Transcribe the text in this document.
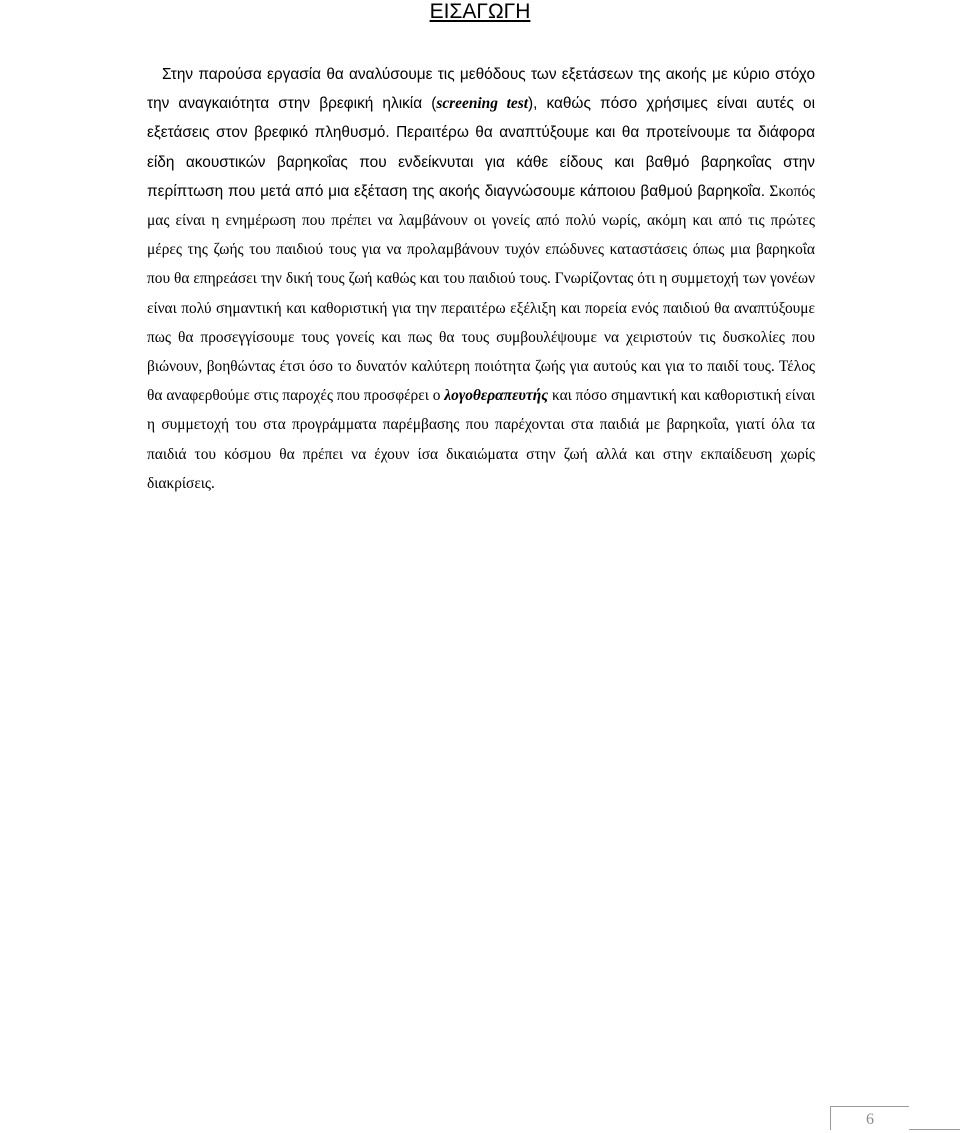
ΕΙΣΑΓΩΓΗ

Στην παρούσα εργασία θα αναλύσουμε τις μεθόδους των εξετάσεων της ακοής με κύριο στόχο την αναγκαιότητα στην βρεφική ηλικία (screening test), καθώς πόσο χρήσιμες είναι αυτές οι εξετάσεις στον βρεφικό πληθυσμό. Περαιτέρω θα αναπτύξουμε και θα προτείνουμε τα διάφορα είδη ακουστικών βαρηκοΐας που ενδείκνυται για κάθε είδους και βαθμό βαρηκοΐας στην περίπτωση που μετά από μια εξέταση της ακοής διαγνώσουμε κάποιου βαθμού βαρηκοΐα. Σκοπός μας είναι η ενημέρωση που πρέπει να λαμβάνουν οι γονείς από πολύ νωρίς, ακόμη και από τις πρώτες μέρες της ζωής του παιδιού τους για να προλαμβάνουν τυχόν επώδυνες καταστάσεις όπως μια βαρηκοΐα που θα επηρεάσει την δική τους ζωή καθώς και του παιδιού τους. Γνωρίζοντας ότι η συμμετοχή των γονέων είναι πολύ σημαντική και καθοριστική για την περαιτέρω εξέλιξη και πορεία ενός παιδιού θα αναπτύξουμε πως θα προσεγγίσουμε τους γονείς και πως θα τους συμβουλέψουμε να χειριστούν τις δυσκολίες που βιώνουν, βοηθώντας έτσι όσο το δυνατόν καλύτερη ποιότητα ζωής για αυτούς και για το παιδί τους. Τέλος θα αναφερθούμε στις παροχές που προσφέρει ο λογοθεραπευτής και πόσο σημαντική και καθοριστική είναι η συμμετοχή του στα προγράμματα παρέμβασης που παρέχονται στα παιδιά με βαρηκοΐα, γιατί όλα τα παιδιά του κόσμου θα πρέπει να έχουν ίσα δικαιώματα στην ζωή αλλά και στην εκπαίδευση χωρίς διακρίσεις.

6
